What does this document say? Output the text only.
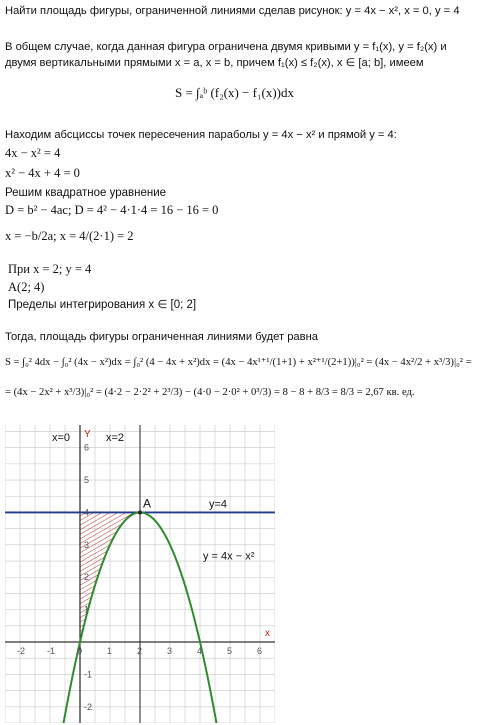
Найти площадь фигуры, ограниченной линиями сделав рисунок: y = 4x − x², x = 0, y = 4
В общем случае, когда данная фигура ограничена двумя кривыми y = f₁(x), y = f₂(x) и
двумя вертикальными прямыми x = a, x = b, причем f₁(x) ≤ f₂(x), x ∈ [a; b], имеем
S = ∫ₐᵇ (f₂(x) − f₁(x))dx
Находим абсциссы точек пересечения параболы y = 4x − x² и прямой y = 4:
4x − x² = 4
x² − 4x + 4 = 0
Решим квадратное уравнение
D = b² − 4ac; D = 4² − 4·1·4 = 16 − 16 = 0
x = −b/2a; x = 4/(2·1) = 2
При x = 2; y = 4
A(2; 4)
Пределы интегрирования x ∈ [0; 2]
Тогда, площадь фигуры ограниченная линиями будет равна
S = ∫₀² 4dx − ∫₀² (4x − x²)dx = ∫₀² (4 − 4x + x²)dx = (4x − 4x¹⁺¹/(1+1) + x²⁺¹/(2+1))|₀² = (4x − 4x²/2 + x³/3)|₀² =
= (4x − 2x² + x³/3)|₀² = (4·2 − 2·2² + 2³/3) − (4·0 − 2·0² + 0³/3) = 8 − 8 + 8/3 = 8/3 = 2,67 кв. ед.
-2 -1 0	1	2	3	4	5	6
-2
-1
1
2
3
4
5
6
x=0	x=2
Y
x
y=4
y = 4x − x²
A
